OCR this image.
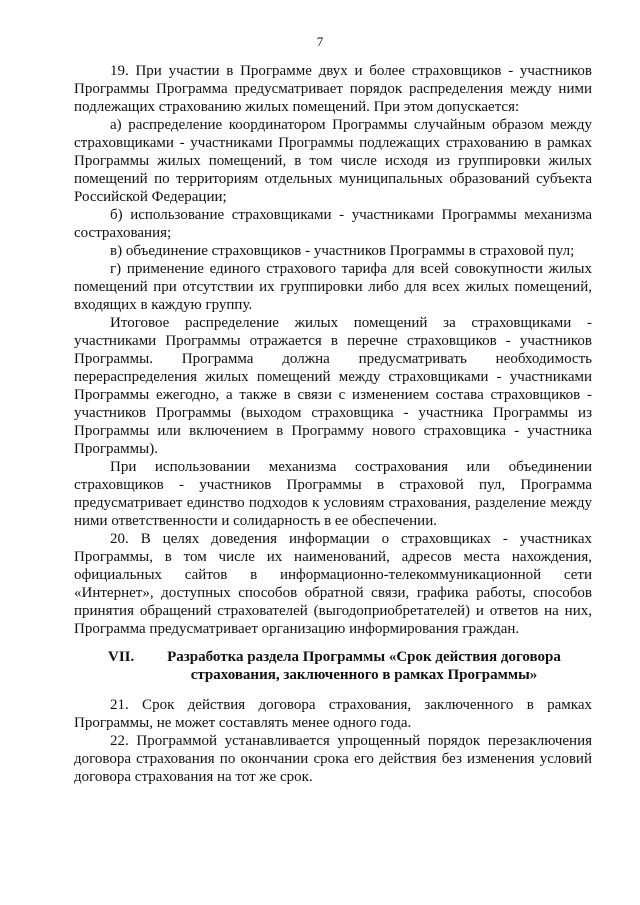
7

19. При участии в Программе двух и более страховщиков - участников Программы Программа предусматривает порядок распределения между ними подлежащих страхованию жилых помещений. При этом допускается:

а) распределение координатором Программы случайным образом между страховщиками - участниками Программы подлежащих страхованию в рамках Программы жилых помещений, в том числе исходя из группировки жилых помещений по территориям отдельных муниципальных образований субъекта Российской Федерации;

б) использование страховщиками - участниками Программы механизма сострахования;

в) объединение страховщиков - участников Программы в страховой пул;

г) применение единого страхового тарифа для всей совокупности жилых помещений при отсутствии их группировки либо для всех жилых помещений, входящих в каждую группу.

Итоговое распределение жилых помещений за страховщиками - участниками Программы отражается в перечне страховщиков - участников Программы. Программа должна предусматривать необходимость перераспределения жилых помещений между страховщиками - участниками Программы ежегодно, а также в связи с изменением состава страховщиков - участников Программы (выходом страховщика - участника Программы из Программы или включением в Программу нового страховщика - участника Программы).

При использовании механизма сострахования или объединении страховщиков - участников Программы в страховой пул, Программа предусматривает единство подходов к условиям страхования, разделение между ними ответственности и солидарность в ее обеспечении.

20. В целях доведения информации о страховщиках - участниках Программы, в том числе их наименований, адресов места нахождения, официальных сайтов в информационно-телекоммуникационной сети «Интернет», доступных способов обратной связи, графика работы, способов принятия обращений страхователей (выгодоприобретателей) и ответов на них, Программа предусматривает организацию информирования граждан.

VII.	Разработка раздела Программы «Срок действия договора страхования, заключенного в рамках Программы»

21. Срок действия договора страхования, заключенного в рамках Программы, не может составлять менее одного года.

22. Программой устанавливается упрощенный порядок перезаключения договора страхования по окончании срока его действия без изменения условий договора страхования на тот же срок.
